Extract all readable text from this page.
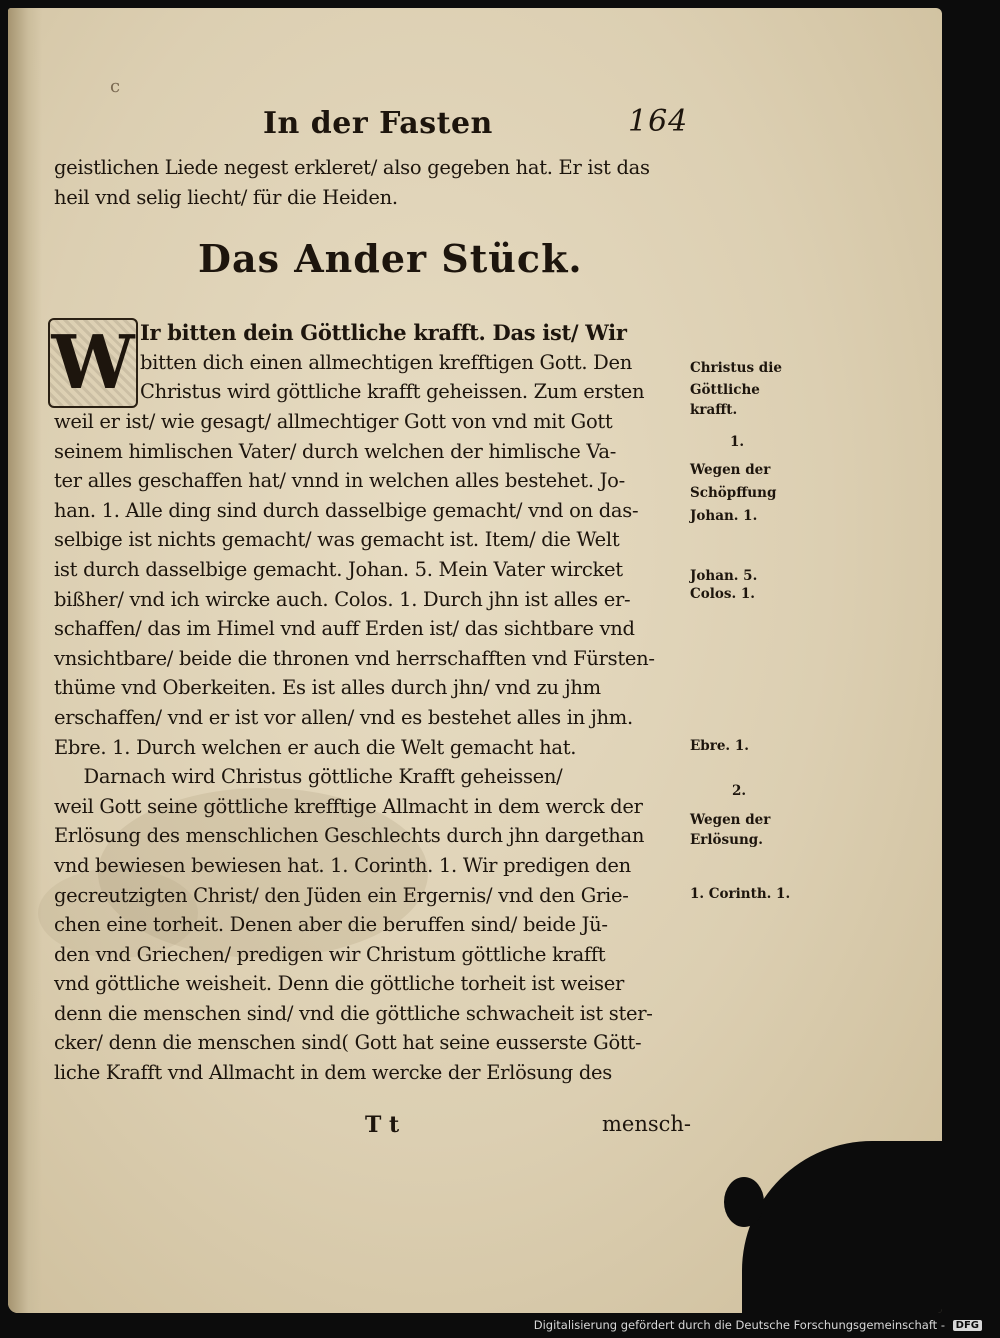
c
In der Fasten	164
geistlichen Liede negest erkleret/ also gegeben hat. Er ist das
heil vnd selig liecht/ für die Heiden.
Das Ander Stück.
W Ir bitten dein Göttliche krafft. Das ist/ Wir
bitten dich einen allmechtigen krefftigen Gott. Den
Christus wird göttliche krafft geheissen. Zum ersten
weil er ist/ wie gesagt/ allmechtiger Gott von vnd mit Gott
seinem himlischen Vater/ durch welchen der himlische Va-
ter alles geschaffen hat/ vnnd in welchen alles bestehet. Jo-
han. 1. Alle ding sind durch dasselbige gemacht/ vnd on das-
selbige ist nichts gemacht/ was gemacht ist. Item/ die Welt
ist durch dasselbige gemacht. Johan. 5. Mein Vater wircket
bißher/ vnd ich wircke auch. Colos. 1. Durch jhn ist alles er-
schaffen/ das im Himel vnd auff Erden ist/ das sichtbare vnd
vnsichtbare/ beide die thronen vnd herrschafften vnd Fürsten-
thüme vnd Oberkeiten. Es ist alles durch jhn/ vnd zu jhm
erschaffen/ vnd er ist vor allen/ vnd es bestehet alles in jhm.
Ebre. 1. Durch welchen er auch die Welt gemacht hat.
Darnach wird Christus göttliche Krafft geheissen/
weil Gott seine göttliche krefftige Allmacht in dem werck der
Erlösung des menschlichen Geschlechts durch jhn dargethan
vnd bewiesen bewiesen hat. 1. Corinth. 1. Wir predigen den
gecreutzigten Christ/ den Jüden ein Ergernis/ vnd den Grie-
chen eine torheit. Denen aber die beruffen sind/ beide Jü-
den vnd Griechen/ predigen wir Christum göttliche krafft
vnd göttliche weisheit. Denn die göttliche torheit ist weiser
denn die menschen sind/ vnd die göttliche schwacheit ist ster-
cker/ denn die menschen sind( Gott hat seine eusserste Gött-
liche Krafft vnd Allmacht in dem wercke der Erlösung des
Christus die
Göttliche
krafft.
1.
Wegen der
Schöpffung
Johan. 1.
Johan. 5.
Colos. 1.
Ebre. 1.
2.
Wegen der
Erlösung.
1. Corinth. 1.
T t	mensch-
Digitalisierung gefördert durch die Deutsche Forschungsgemeinschaft - DFG
